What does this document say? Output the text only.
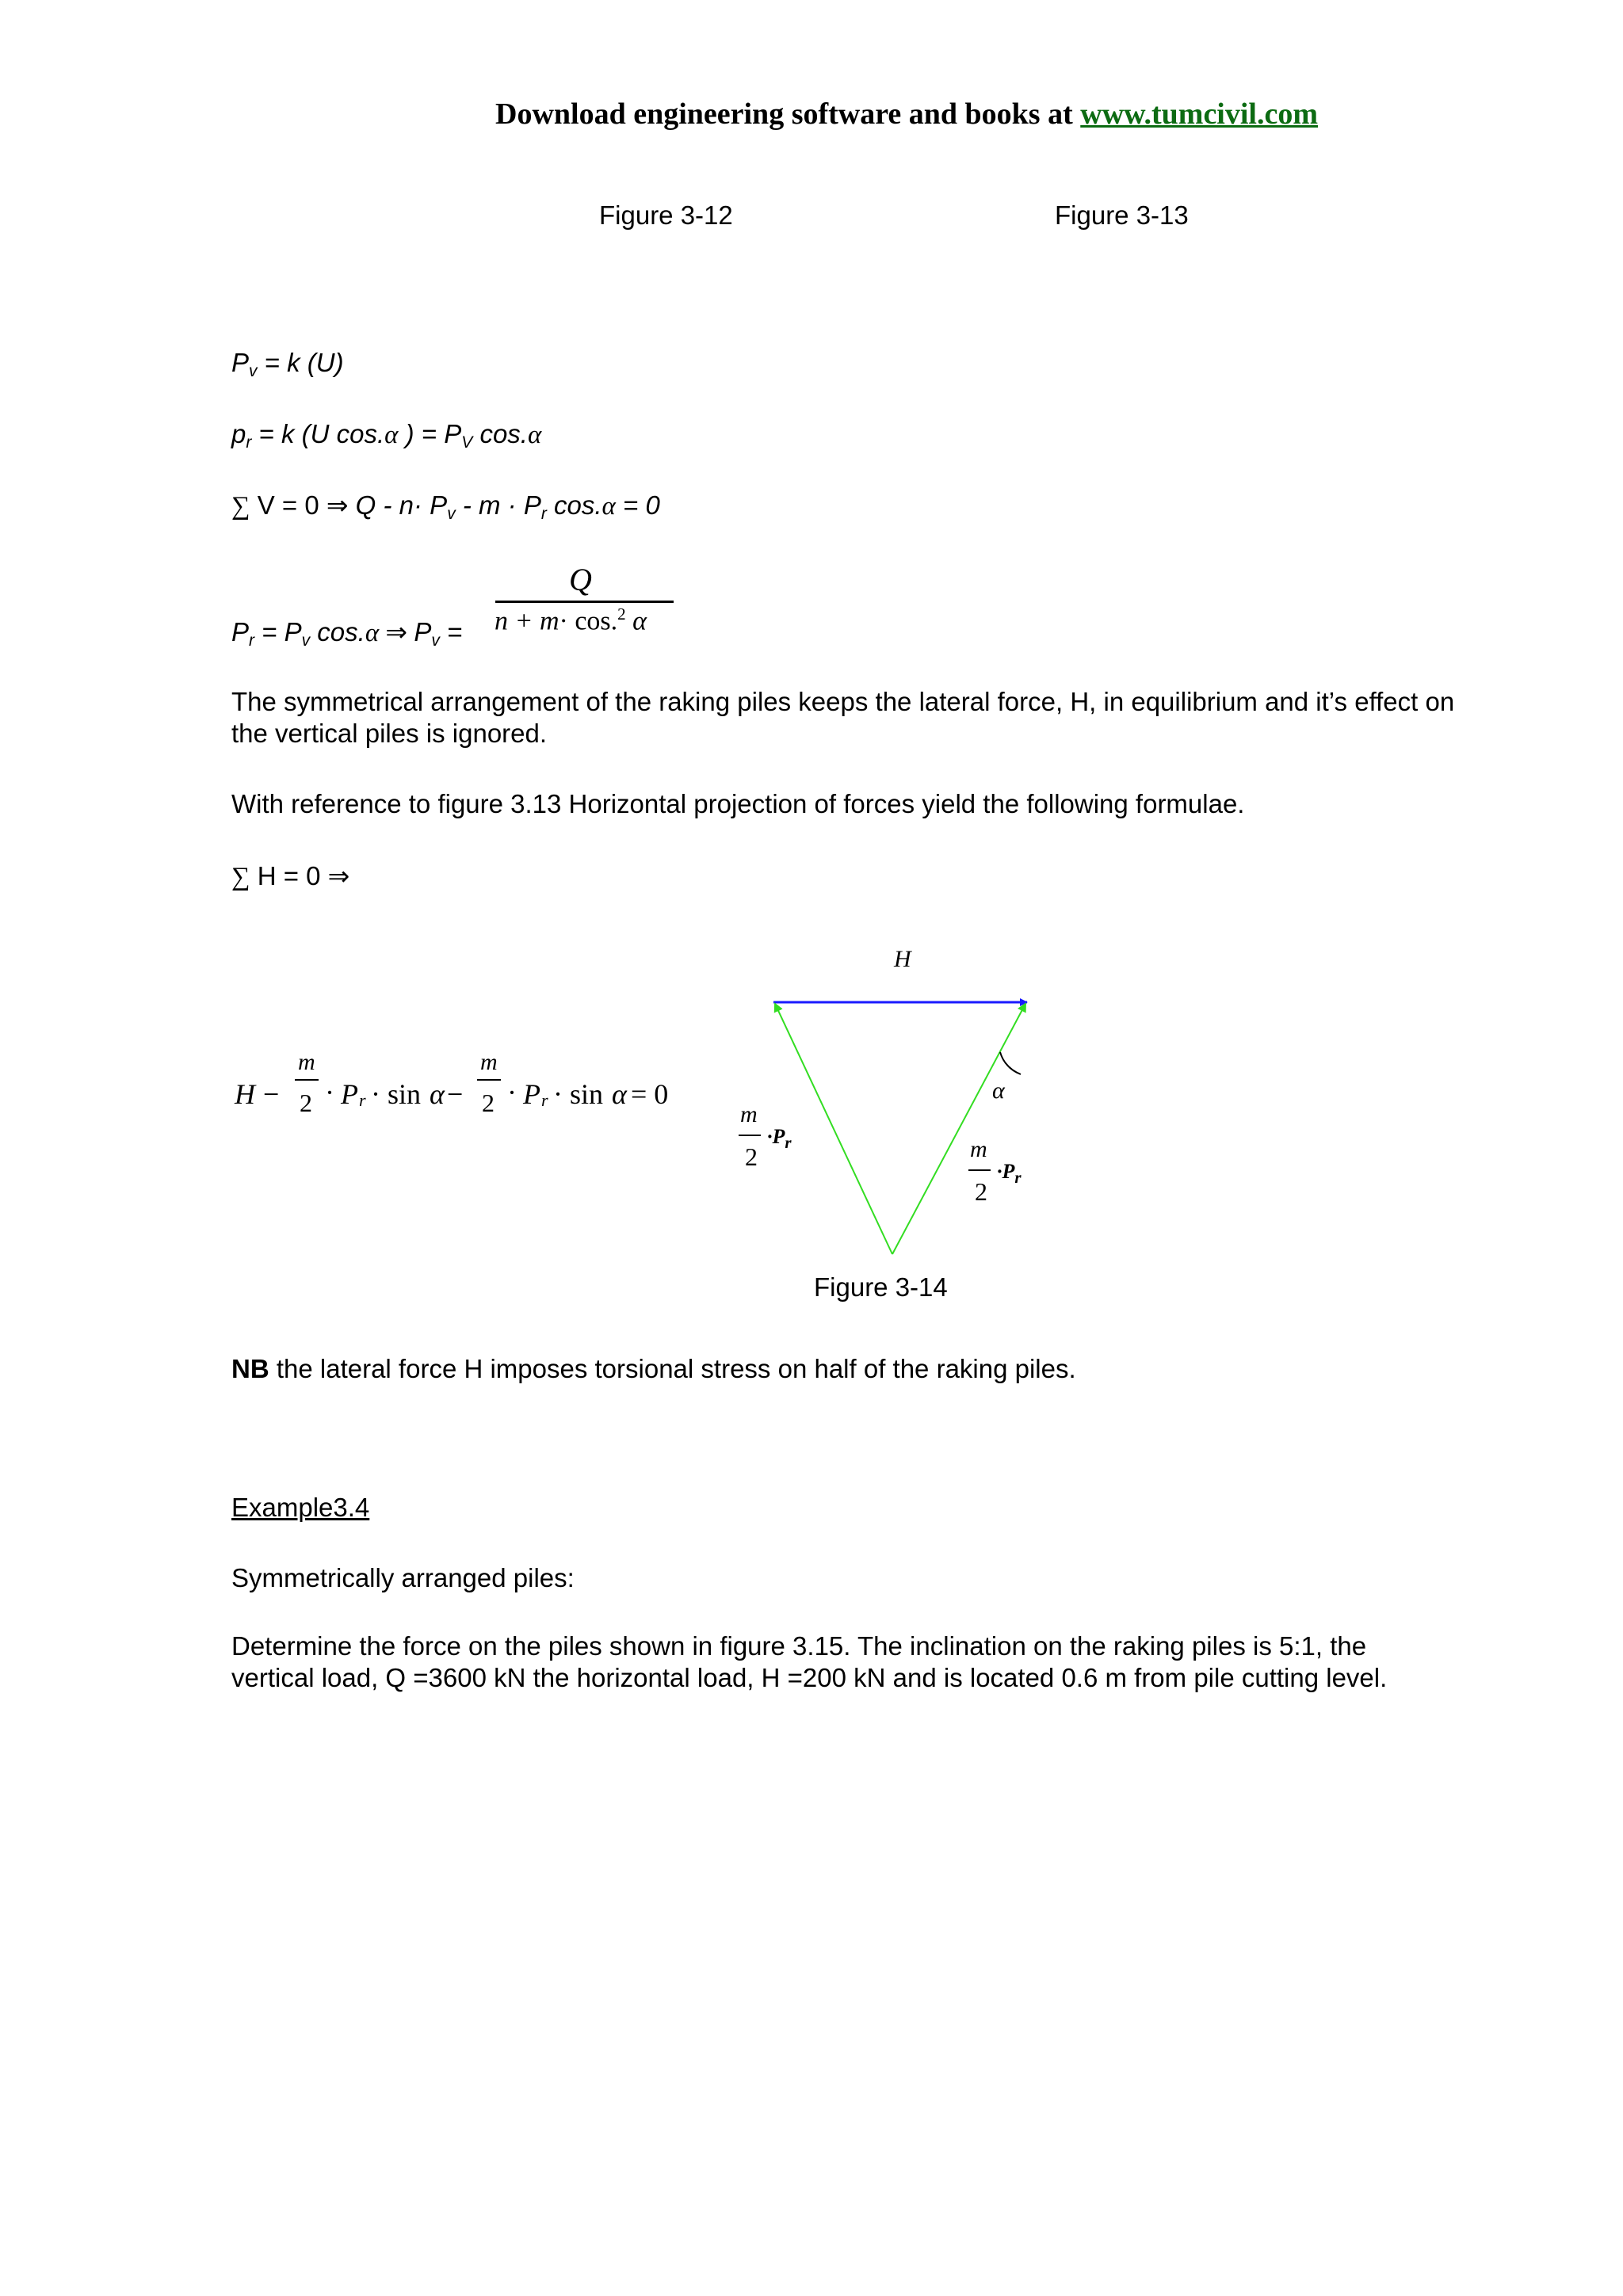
Download engineering software and books at www.tumcivil.com
Figure 3-12	Figure 3-13
$P_v = k$ (U)
$p_r = k$ (U cos.α ) = $P_V$ cos.α
∑ V = 0 ⇒ $Q - n\cdot P_v - m \cdot P_r$ cos.α = 0
$P_r = P_v$ cos.α ⇒ $P_v$ =
Q
n + m· cos.$^2$ α
The symmetrical arrangement of the raking piles keeps the lateral force, H, in equilibrium and it’s effect on the vertical piles is ignored.
With reference to figure 3.13 Horizontal projection of forces yield the following formulae.
∑ H = 0 ⇒
H −
m
2 · P r · sin α −
m
2 · P r · sin α = 0
H
α
m
2
$\cdot P_r$	m
2
$\cdot P_r$
Figure 3-14
NB the lateral force H imposes torsional stress on half of the raking piles.
Example3.4
Symmetrically arranged piles:
Determine the force on the piles shown in figure 3.15. The inclination on the raking piles is 5:1, the vertical load, Q =3600 kN the horizontal load, H =200 kN and is located 0.6 m from pile cutting level.
